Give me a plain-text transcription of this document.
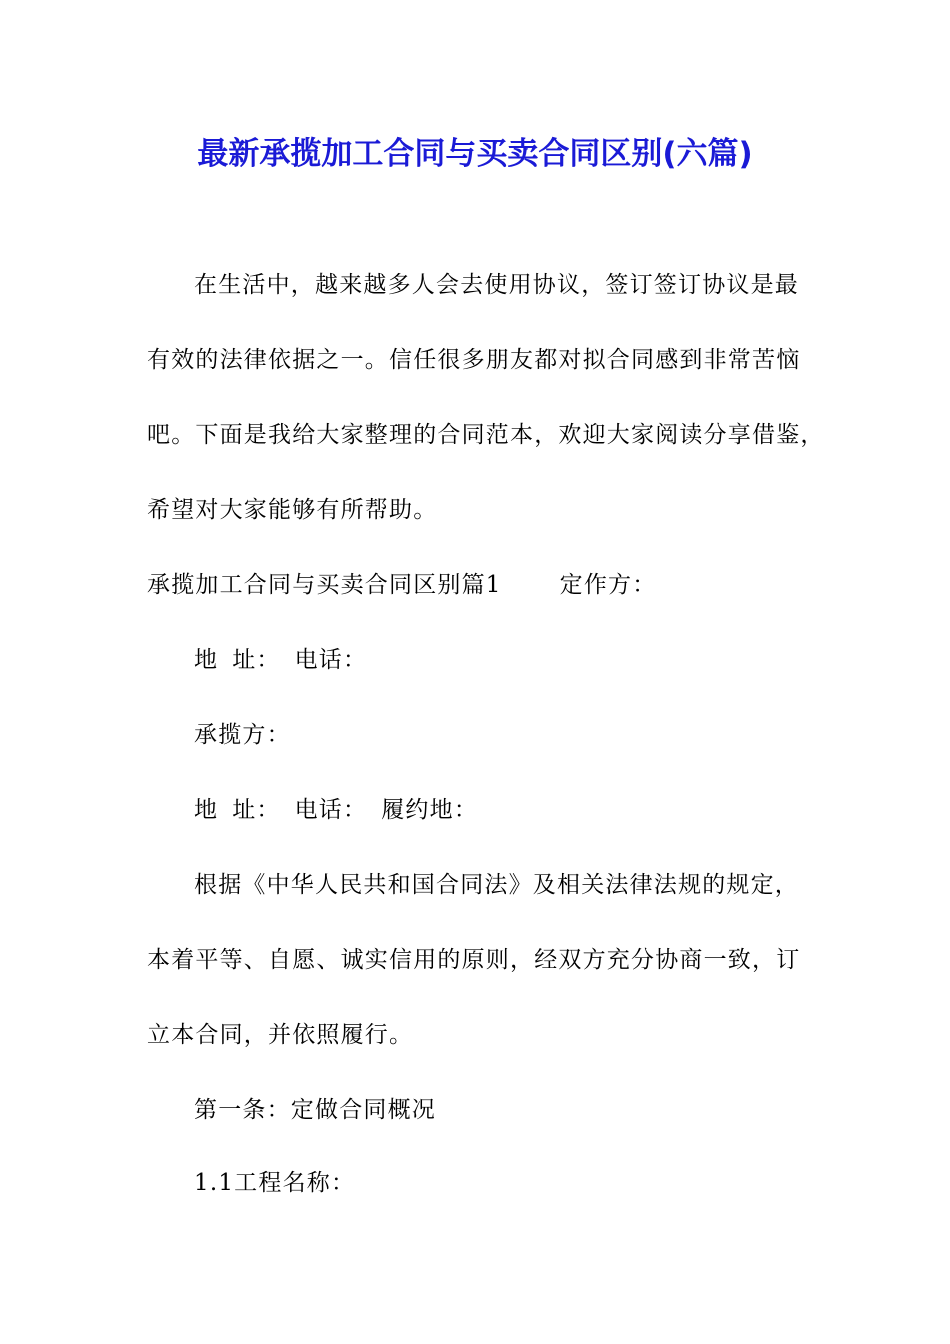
最新承揽加工合同与买卖合同区别(六篇)
在生活中，越来越多人会去使用协议，签订签订协议是最
有效的法律依据之一。信任很多朋友都对拟合同感到非常苦恼
吧。下面是我给大家整理的合同范本，欢迎大家阅读分享借鉴，
希望对大家能够有所帮助。
承揽加工合同与买卖合同区别篇1	定作方：
地 址： 电话：
承揽方：
地 址： 电话： 履约地：
根据《中华人民共和国合同法》及相关法律法规的规定，
本着平等、自愿、诚实信用的原则，经双方充分协商一致，订
立本合同，并依照履行。
第一条：定做合同概况
1.1工程名称：
